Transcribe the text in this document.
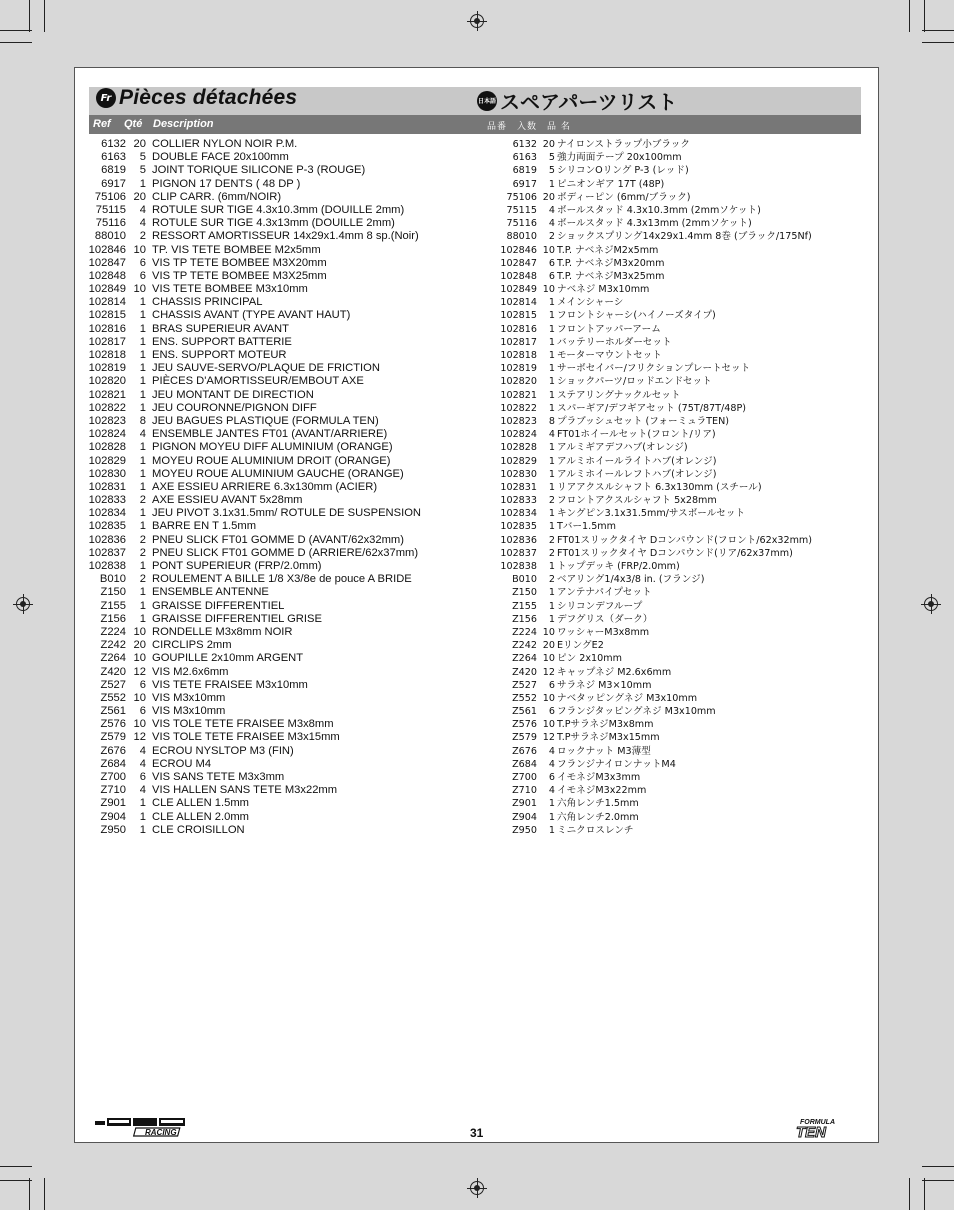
Fr Pièces détachées	日本語 スペアパーツリスト
Ref Qté Description	品番　入数　品 名
6132 20 COLLIER NYLON NOIR P.M.
6163	5 DOUBLE FACE 20x100mm
6819	5 JOINT TORIQUE SILICONE P-3 (ROUGE)
6917	1 PIGNON 17 DENTS ( 48 DP )
75106 20 CLIP CARR. (6mm/NOIR)
75115	4 ROTULE SUR TIGE 4.3x10.3mm (DOUILLE 2mm)
75116	4 ROTULE SUR TIGE 4.3x13mm (DOUILLE 2mm)
88010	2 RESSORT AMORTISSEUR 14x29x1.4mm 8 sp.(Noir)
102846 10 TP. VIS TETE BOMBEE M2x5mm
102847	6 VIS TP TETE BOMBEE M3X20mm
102848	6 VIS TP TETE BOMBEE M3X25mm
102849 10 VIS TETE BOMBEE M3x10mm
102814	1 CHASSIS PRINCIPAL
102815	1 CHASSIS AVANT (TYPE AVANT HAUT)
102816	1 BRAS SUPERIEUR AVANT
102817	1 ENS. SUPPORT BATTERIE
102818	1 ENS. SUPPORT MOTEUR
102819	1 JEU SAUVE-SERVO/PLAQUE DE FRICTION
102820	1 PIÈCES D'AMORTISSEUR/EMBOUT AXE
102821	1 JEU MONTANT DE DIRECTION
102822	1 JEU COURONNE/PIGNON DIFF
102823	8 JEU BAGUES PLASTIQUE (FORMULA TEN)
102824	4 ENSEMBLE JANTES FT01 (AVANT/ARRIERE)
102828	1 PIGNON MOYEU DIFF ALUMINIUM (ORANGE)
102829	1 MOYEU ROUE ALUMINIUM DROIT (ORANGE)
102830	1 MOYEU ROUE ALUMINIUM GAUCHE (ORANGE)
102831	1 AXE ESSIEU ARRIERE 6.3x130mm (ACIER)
102833	2 AXE ESSIEU AVANT 5x28mm
102834	1 JEU PIVOT 3.1x31.5mm/ ROTULE DE SUSPENSION
102835	1 BARRE EN T 1.5mm
102836	2 PNEU SLICK FT01 GOMME D (AVANT/62x32mm)
102837	2 PNEU SLICK FT01 GOMME D (ARRIERE/62x37mm)
102838	1 PONT SUPERIEUR (FRP/2.0mm)
B010	2 ROULEMENT A BILLE 1/8 X3/8e de pouce A BRIDE
Z150	1 ENSEMBLE ANTENNE
Z155	1 GRAISSE DIFFERENTIEL
Z156	1 GRAISSE DIFFERENTIEL GRISE
Z224 10 RONDELLE M3x8mm NOIR
Z242 20 CIRCLIPS 2mm
Z264 10 GOUPILLE 2x10mm ARGENT
Z420 12 VIS M2.6x6mm
Z527	6 VIS TETE FRAISEE M3x10mm
Z552 10 VIS M3x10mm
Z561	6 VIS M3x10mm
Z576 10 VIS TOLE TETE FRAISEE M3x8mm
Z579 12 VIS TOLE TETE FRAISEE M3x15mm
Z676	4 ECROU NYSLTOP M3 (FIN)
Z684	4 ECROU M4
Z700	6 VIS SANS TETE M3x3mm
Z710	4 VIS HALLEN SANS TETE M3x22mm
Z901	1 CLE ALLEN 1.5mm
Z904	1 CLE ALLEN 2.0mm
Z950	1 CLE CROISILLON
6132 20 ナイロンストラップ小ブラック
6163	5 強力両面テープ 20x100mm
6819	5 シリコンOリング P-3 (レッド)
6917	1 ピニオンギア 17T (48P)
75106 20 ボディーピン (6mm/ブラック)
75115	4 ボールスタッド 4.3x10.3mm (2mmソケット)
75116	4 ボールスタッド 4.3x13mm (2mmソケット)
88010	2 ショックスプリング14x29x1.4mm 8巻 (ブラック/175Nf)
102846 10 T.P. ナベネジM2x5mm
102847	6 T.P. ナベネジM3x20mm
102848	6 T.P. ナベネジM3x25mm
102849 10 ナベネジ M3x10mm
102814	1 メインシャーシ
102815	1 フロントシャーシ(ハイノーズタイプ)
102816	1 フロントアッパーアーム
102817	1 バッテリーホルダーセット
102818	1 モーターマウントセット
102819	1 サーボセイバー/フリクションプレートセット
102820	1 ショックパーツ/ロッドエンドセット
102821	1 ステアリングナックルセット
102822	1 スパーギア/デフギアセット (75T/87T/48P)
102823	8 プラブッシュセット (フォーミュラTEN)
102824	4 FT01ホイールセット(フロント/リア)
102828	1 アルミギアデフハブ(オレンジ)
102829	1 アルミホイールライトハブ(オレンジ)
102830	1 アルミホイールレフトハブ(オレンジ)
102831	1 リアアクスルシャフト 6.3x130mm (スチール)
102833	2 フロントアクスルシャフト 5x28mm
102834	1 キングピン3.1x31.5mm/サスボールセット
102835	1 Tバー1.5mm
102836	2 FT01スリックタイヤ Dコンパウンド(フロント/62x32mm)
102837	2 FT01スリックタイヤ Dコンパウンド(リア/62x37mm)
102838	1 トップデッキ (FRP/2.0mm)
B010	2 ベアリング1/4x3/8 in. (フランジ)
Z150	1 アンテナパイプセット
Z155	1 シリコンデフループ
Z156	1 デフグリス（ダーク）
Z224 10 ワッシャーM3x8mm
Z242 20 EリングE2
Z264 10 ピン 2x10mm
Z420 12 キャップネジ M2.6x6mm
Z527	6 サラネジ M3×10mm
Z552 10 ナベタッピングネジ M3x10mm
Z561	6 フランジタッピングネジ M3x10mm
Z576 10 T.PサラネジM3x8mm
Z579 12 T.PサラネジM3x15mm
Z676	4 ロックナット M3薄型
Z684	4 フランジナイロンナットM4
Z700	6 イモネジM3x3mm
Z710	4 イモネジM3x22mm
Z901	1 六角レンチ1.5mm
Z904	1 六角レンチ2.0mm
Z950	1 ミニクロスレンチ
RACING	31
FORMULA
TEN
